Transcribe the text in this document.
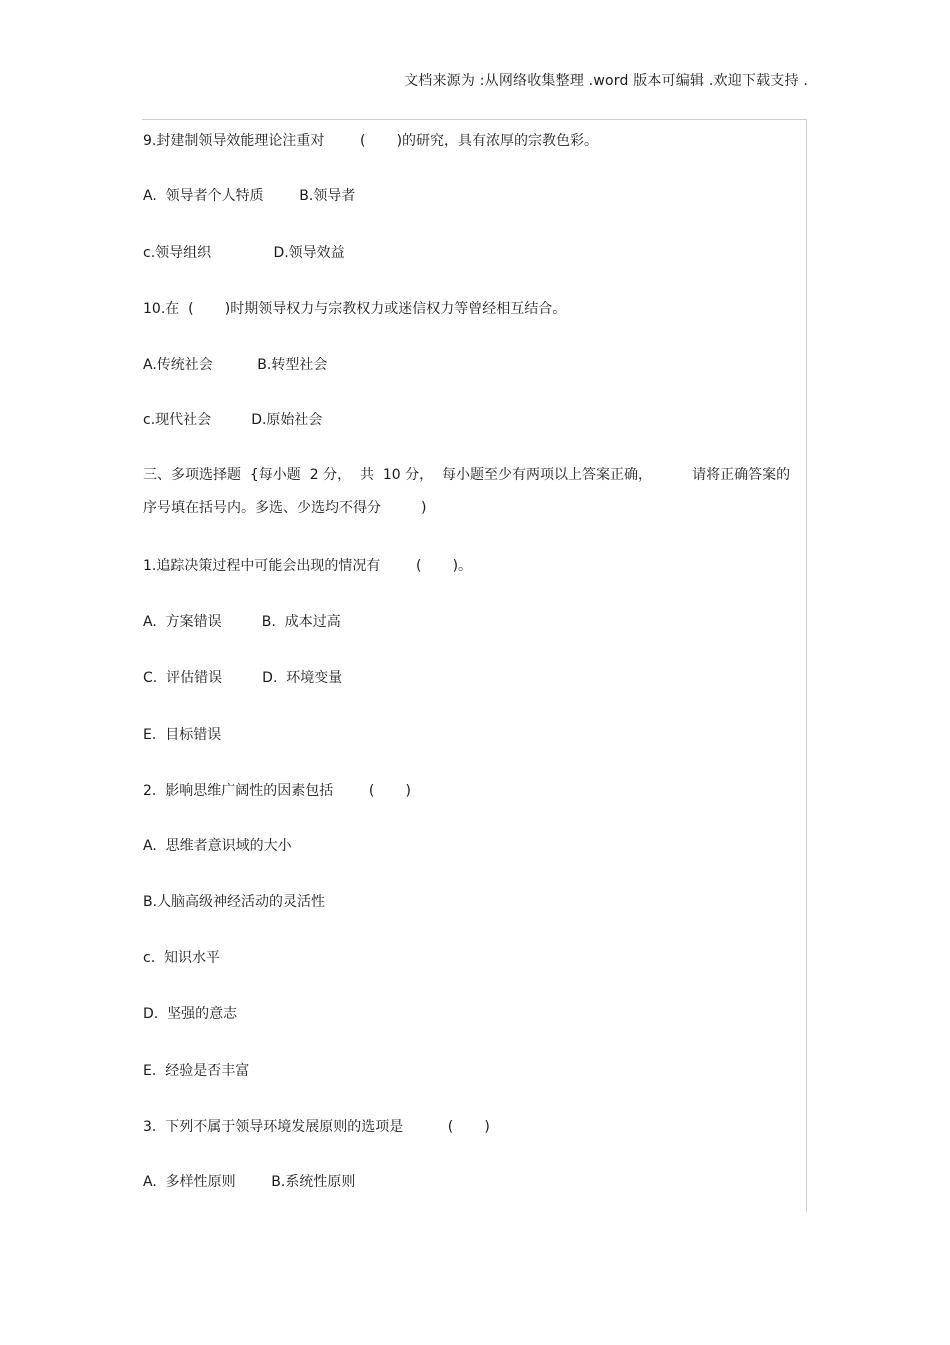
文档来源为 :从网络收集整理 .word 版本可编辑 .欢迎下载支持 .
9.封建制领导效能理论注重对        (       )的研究，具有浓厚的宗教色彩。
A.  领导者个人特质        B.领导者
c.领导组织              D.领导效益
10.在  (       )时期领导权力与宗教权力或迷信权力等曾经相互结合。
A.传统社会          B.转型社会
c.现代社会         D.原始社会
三、多项选择题  {每小题  2 分，  共  10 分，  每小题至少有两项以上答案正确，         请将正确答案的
序号填在括号内。多选、少选均不得分         )
1.追踪决策过程中可能会出现的情况有        (       )。
A.  方案错误         B.  成本过高
C.  评估错误         D.  环境变量
E.  目标错误
2.  影响思维广阔性的因素包括        (       )
A.  思维者意识域的大小
B.人脑高级神经活动的灵活性
c.  知识水平
D.  坚强的意志
E.  经验是否丰富
3.  下列不属于领导环境发展原则的选项是          (       )
A.  多样性原则        B.系统性原则
